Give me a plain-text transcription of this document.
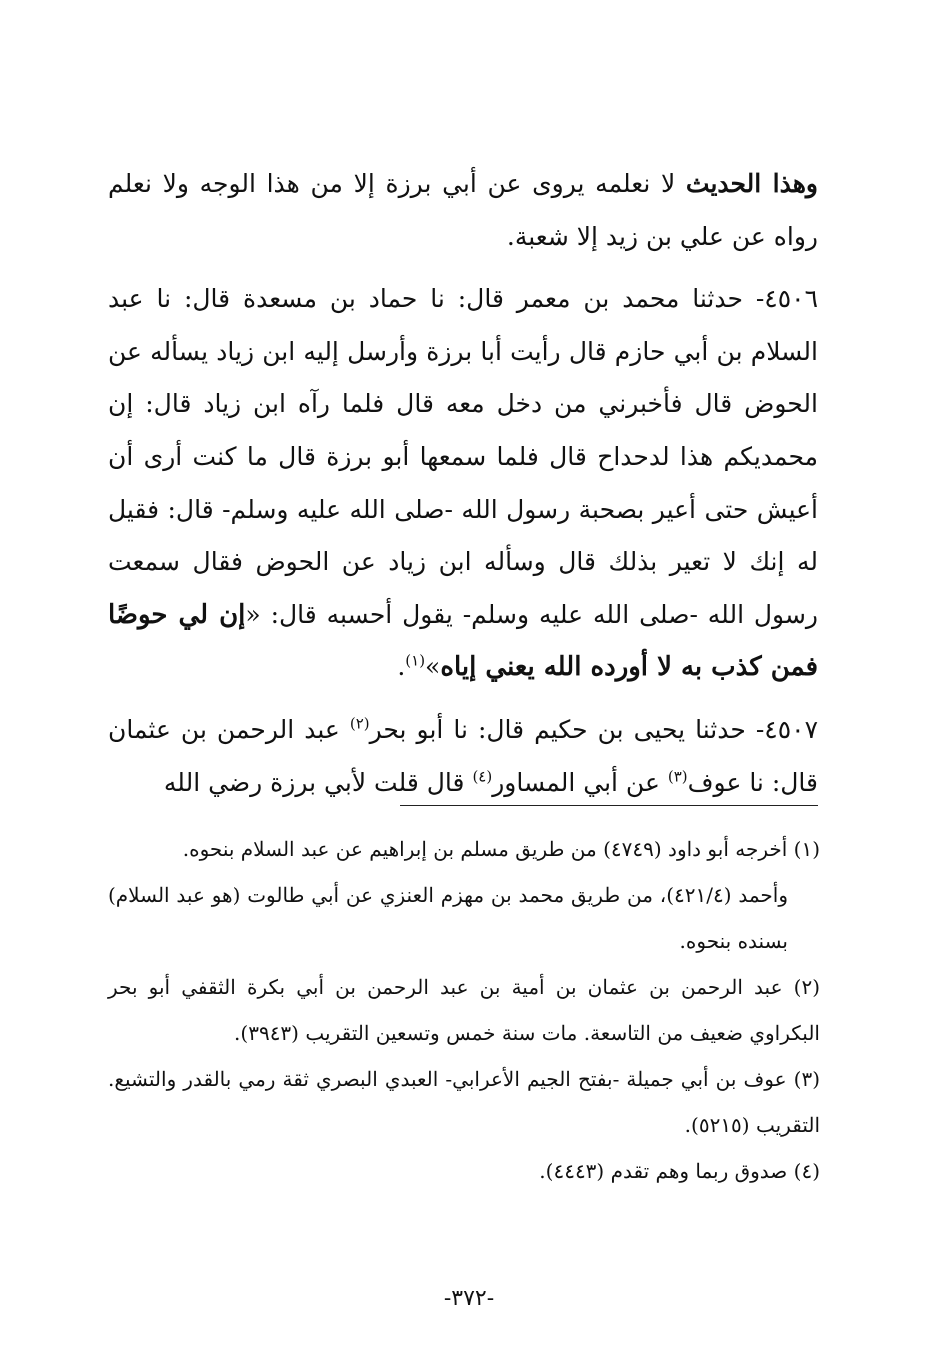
وهذا الحديث لا نعلمه يروى عن أبي برزة إلا من هذا الوجه ولا نعلم رواه عن علي بن زيد إلا شعبة.

٤٥٠٦- حدثنا محمد بن معمر قال: نا حماد بن مسعدة قال: نا عبد السلام بن أبي حازم قال رأيت أبا برزة وأرسل إليه ابن زياد يسأله عن الحوض قال فأخبرني من دخل معه قال فلما رآه ابن زياد قال: إن محمديكم هذا لدحداح قال فلما سمعها أبو برزة قال ما كنت أرى أن أعيش حتى أعير بصحبة رسول الله -صلى الله عليه وسلم- قال: فقيل له إنك لا تعير بذلك قال وسأله ابن زياد عن الحوض فقال سمعت رسول الله -صلى الله عليه وسلم- يقول أحسبه قال: «إن لي حوضًا فمن كذب به لا أورده الله يعني إياه»$^{(١)}$.

٤٥٠٧- حدثنا يحيى بن حكيم قال: نا أبو بحر$^{(٢)}$ عبد الرحمن بن عثمان قال: نا عوف$^{(٣)}$ عن أبي المساور$^{(٤)}$ قال قلت لأبي برزة رضي الله

(١) أخرجه أبو داود (٤٧٤٩) من طريق مسلم بن إبراهيم عن عبد السلام بنحوه.

وأحمد (٤٢١/٤)، من طريق محمد بن مهزم العنزي عن أبي طالوت (هو عبد السلام) بسنده بنحوه.

(٢) عبد الرحمن بن عثمان بن أمية بن عبد الرحمن بن أبي بكرة الثقفي أبو بحر البكراوي ضعيف من التاسعة. مات سنة خمس وتسعين التقريب (٣٩٤٣).

(٣) عوف بن أبي جميلة -بفتح الجيم الأعرابي- العبدي البصري ثقة رمي بالقدر والتشيع. التقريب (٥٢١٥).

(٤) صدوق ربما وهم تقدم (٤٤٤٣).

-٣٧٢-
